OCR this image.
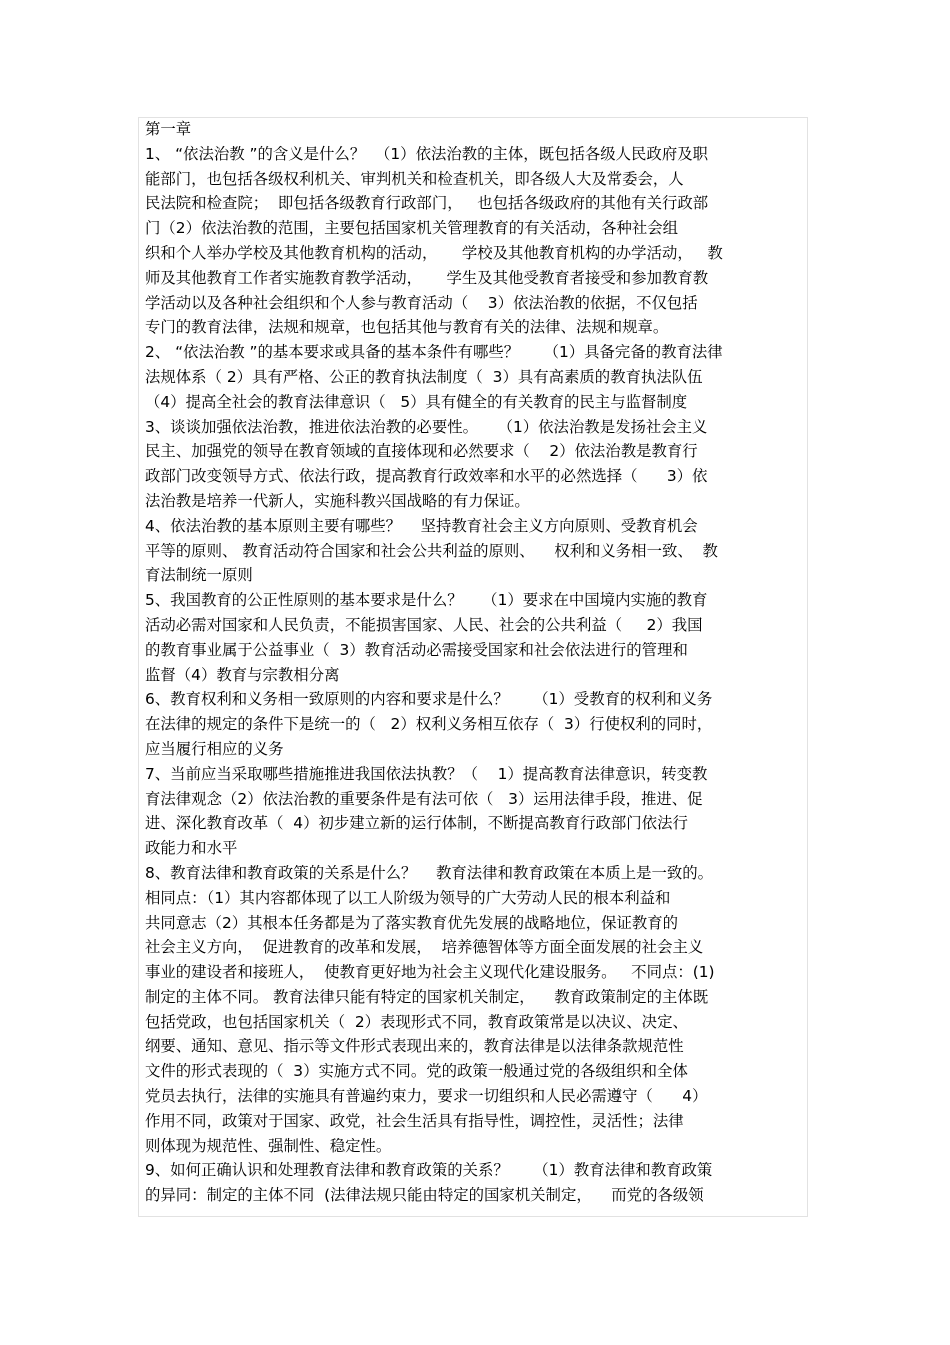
第一章
1、 “依法治教 ”的含义是什么？  （1）依法治教的主体，既包括各级人民政府及职
能部门，也包括各级权利机关、审判机关和检查机关，即各级人大及常委会，人
民法院和检查院；  即包括各级教育行政部门，   也包括各级政府的其他有关行政部
门（2）依法治教的范围，主要包括国家机关管理教育的有关活动，各种社会组
织和个人举办学校及其他教育机构的活动，     学校及其他教育机构的办学活动，   教
师及其他教育工作者实施教育教学活动，     学生及其他受教育者接受和参加教育教
学活动以及各种社会组织和个人参与教育活动（    3）依法治教的依据，不仅包括
专门的教育法律，法规和规章，也包括其他与教育有关的法律、法规和规章。
2、 “依法治教 ”的基本要求或具备的基本条件有哪些？     （1）具备完备的教育法律
法规体系（ 2）具有严格、公正的教育执法制度（  3）具有高素质的教育执法队伍
（4）提高全社会的教育法律意识（   5）具有健全的有关教育的民主与监督制度
3、谈谈加强依法治教，推进依法治教的必要性。    （1）依法治教是发扬社会主义
民主、加强党的领导在教育领域的直接体现和必然要求（    2）依法治教是教育行
政部门改变领导方式、依法行政，提高教育行政效率和水平的必然选择（      3）依
法治教是培养一代新人，实施科教兴国战略的有力保证。
4、依法治教的基本原则主要有哪些？    坚持教育社会主义方向原则、受教育机会
平等的原则、 教育活动符合国家和社会公共利益的原则、    权利和义务相一致、  教
育法制统一原则
5、我国教育的公正性原则的基本要求是什么？    （1）要求在中国境内实施的教育
活动必需对国家和人民负责，不能损害国家、人民、社会的公共利益（     2）我国
的教育事业属于公益事业（  3）教育活动必需接受国家和社会依法进行的管理和
监督（4）教育与宗教相分离
6、教育权利和义务相一致原则的内容和要求是什么？     （1）受教育的权利和义务
在法律的规定的条件下是统一的（   2）权利义务相互依存（  3）行使权利的同时，
应当履行相应的义务
7、当前应当采取哪些措施推进我国依法执教？（    1）提高教育法律意识，转变教
育法律观念（2）依法治教的重要条件是有法可依（   3）运用法律手段，推进、促
进、深化教育改革（  4）初步建立新的运行体制，不断提高教育行政部门依法行
政能力和水平
8、教育法律和教育政策的关系是什么？    教育法律和教育政策在本质上是一致的。
相同点：（1）其内容都体现了以工人阶级为领导的广大劳动人民的根本利益和
共同意志（2）其根本任务都是为了落实教育优先发展的战略地位，保证教育的
社会主义方向，  促进教育的改革和发展，  培养德智体等方面全面发展的社会主义
事业的建设者和接班人，  使教育更好地为社会主义现代化建设服务。   不同点：(1)
制定的主体不同。 教育法律只能有特定的国家机关制定，    教育政策制定的主体既
包括党政，也包括国家机关（  2）表现形式不同，教育政策常是以决议、决定、
纲要、通知、意见、指示等文件形式表现出来的，教育法律是以法律条款规范性
文件的形式表现的（  3）实施方式不同。党的政策一般通过党的各级组织和全体
党员去执行，法律的实施具有普遍约束力，要求一切组织和人民必需遵守（      4）
作用不同，政策对于国家、政党，社会生活具有指导性，调控性，灵活性；法律
则体现为规范性、强制性、稳定性。
9、如何正确认识和处理教育法律和教育政策的关系？     （1）教育法律和教育政策
的异同：制定的主体不同  (法律法规只能由特定的国家机关制定，    而党的各级领
